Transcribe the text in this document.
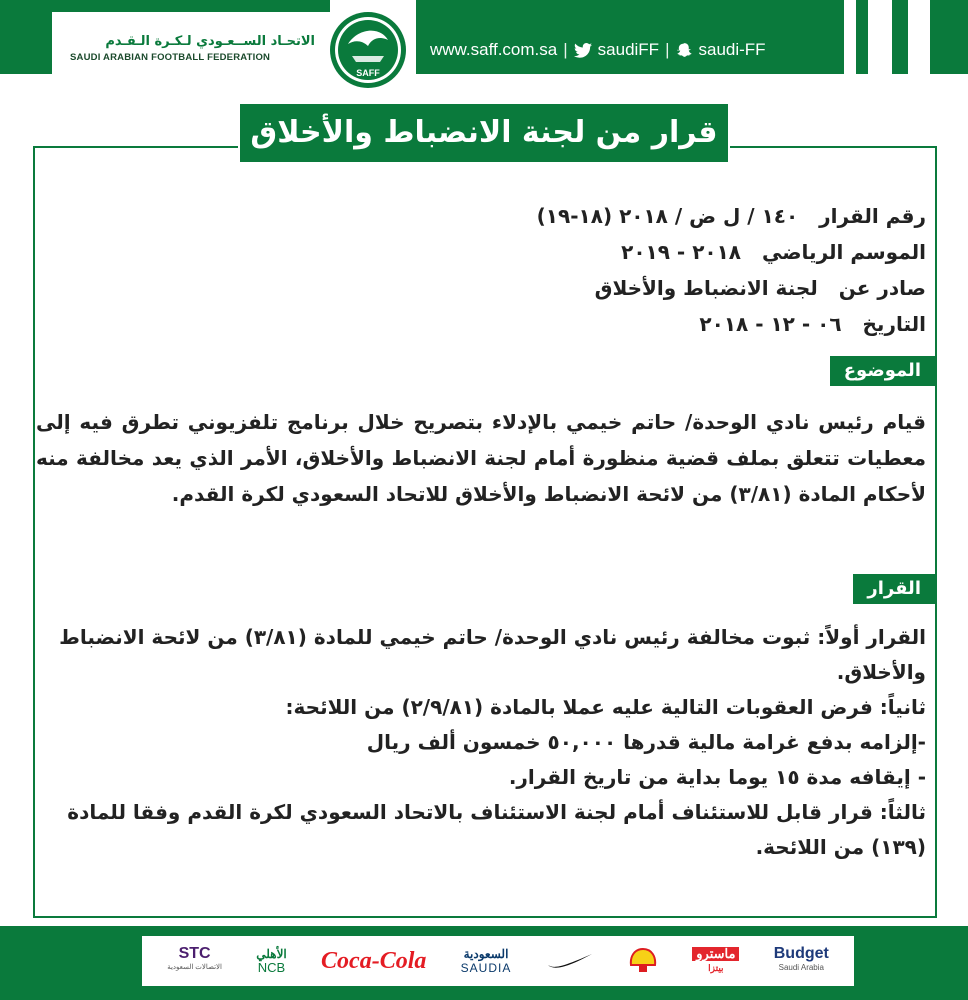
الاتحـاد الســعـودي لـكـرة الـقـدم
SAUDI ARABIAN FOOTBALL FEDERATION
SAFF
www.saff.com.sa | saudiFF | saudi-FF
قرار من لجنة الانضباط والأخلاق
رقم القرار ١٤٠ / ل ض / ٢٠١٨ (١٨-١٩)
الموسم الرياضي ٢٠١٨ - ٢٠١٩
صادر عن لجنة الانضباط والأخلاق
التاريخ ٠٦ - ١٢ - ٢٠١٨
الموضوع
قيام رئيس نادي الوحدة/ حاتم خيمي بالإدلاء بتصريح خلال برنامج تلفزيوني تطرق فيه إلى معطيات تتعلق بملف قضية منظورة أمام لجنة الانضباط والأخلاق، الأمر الذي يعد مخالفة منه لأحكام المادة (٣/٨١) من لائحة الانضباط والأخلاق للاتحاد السعودي لكرة القدم.
القرار
القرار أولاً: ثبوت مخالفة رئيس نادي الوحدة/ حاتم خيمي للمادة (٣/٨١) من لائحة الانضباط والأخلاق.
ثانياً: فرض العقوبات التالية عليه عملا بالمادة (٢/٩/٨١) من اللائحة:
-إلزامه بدفع غرامة مالية قدرها ٥٠,٠٠٠ خمسون ألف ريال
- إيقافه مدة ١٥ يوما بداية من تاريخ القرار.
ثالثاً: قرار قابل للاستئناف أمام لجنة الاستئناف بالاتحاد السعودي لكرة القدم وفقا للمادة (١٣٩) من اللائحة.
Budget
Saudi Arabia
ماسترو
بيتزا
السعودية
SAUDIA
Coca-Cola
الأهلي
NCB
STC
الاتصالات السعودية
